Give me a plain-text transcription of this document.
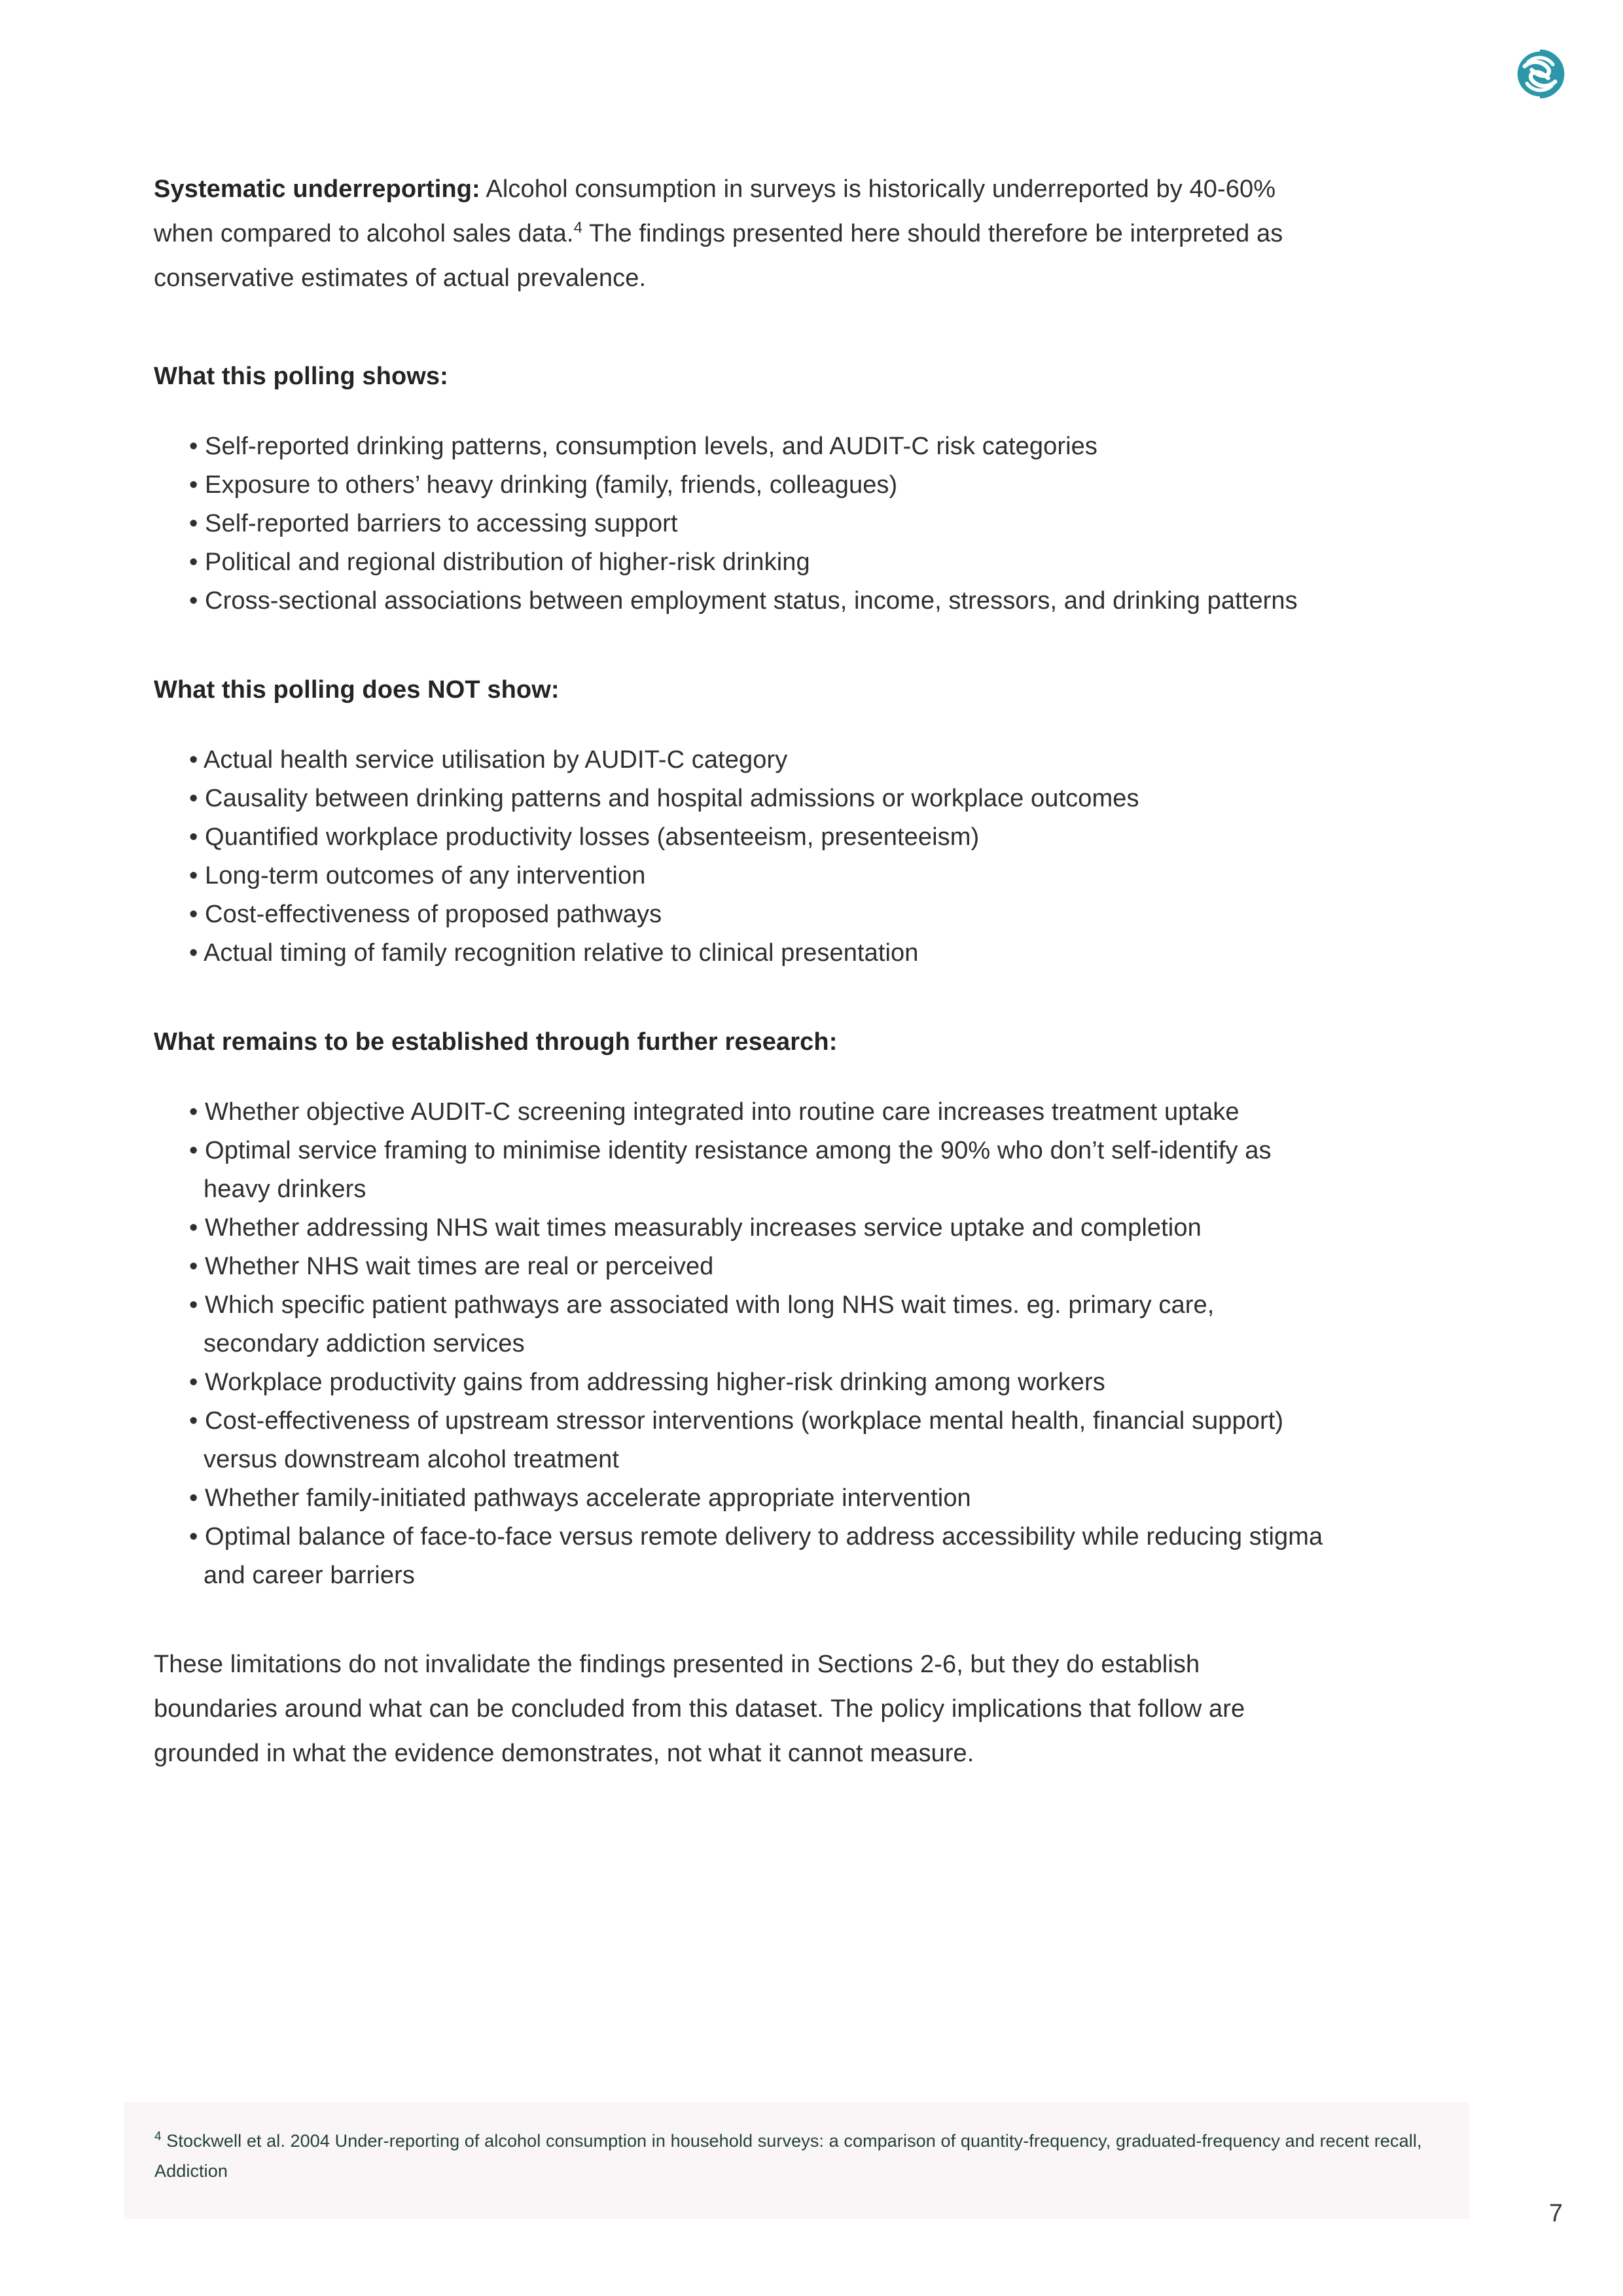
Systematic underreporting: Alcohol consumption in surveys is historically underreported by 40-60% when compared to alcohol sales data.$^4$ The findings presented here should therefore be interpreted as conservative estimates of actual prevalence.

What this polling shows:
• Self-reported drinking patterns, consumption levels, and AUDIT-C risk categories
• Exposure to others’ heavy drinking (family, friends, colleagues)
• Self-reported barriers to accessing support
• Political and regional distribution of higher-risk drinking
• Cross-sectional associations between employment status, income, stressors, and drinking patterns
What this polling does NOT show:
• Actual health service utilisation by AUDIT-C category
• Causality between drinking patterns and hospital admissions or workplace outcomes
• Quantified workplace productivity losses (absenteeism, presenteeism)
• Long-term outcomes of any intervention
• Cost-effectiveness of proposed pathways
• Actual timing of family recognition relative to clinical presentation
What remains to be established through further research:
• Whether objective AUDIT-C screening integrated into routine care increases treatment uptake
• Optimal service framing to minimise identity resistance among the 90% who don’t self-identify as heavy drinkers
• Whether addressing NHS wait times measurably increases service uptake and completion
• Whether NHS wait times are real or perceived
• Which specific patient pathways are associated with long NHS wait times. eg. primary care, secondary addiction services
• Workplace productivity gains from addressing higher-risk drinking among workers
• Cost-effectiveness of upstream stressor interventions (workplace mental health, financial support) versus downstream alcohol treatment
• Whether family-initiated pathways accelerate appropriate intervention
• Optimal balance of face-to-face versus remote delivery to address accessibility while reducing stigma and career barriers

These limitations do not invalidate the findings presented in Sections 2-6, but they do establish boundaries around what can be concluded from this dataset. The policy implications that follow are grounded in what the evidence demonstrates, not what it cannot measure.

$^4$ Stockwell et al. 2004 Under-reporting of alcohol consumption in household surveys: a comparison of quantity-frequency, graduated-frequency and recent recall, Addiction

7
